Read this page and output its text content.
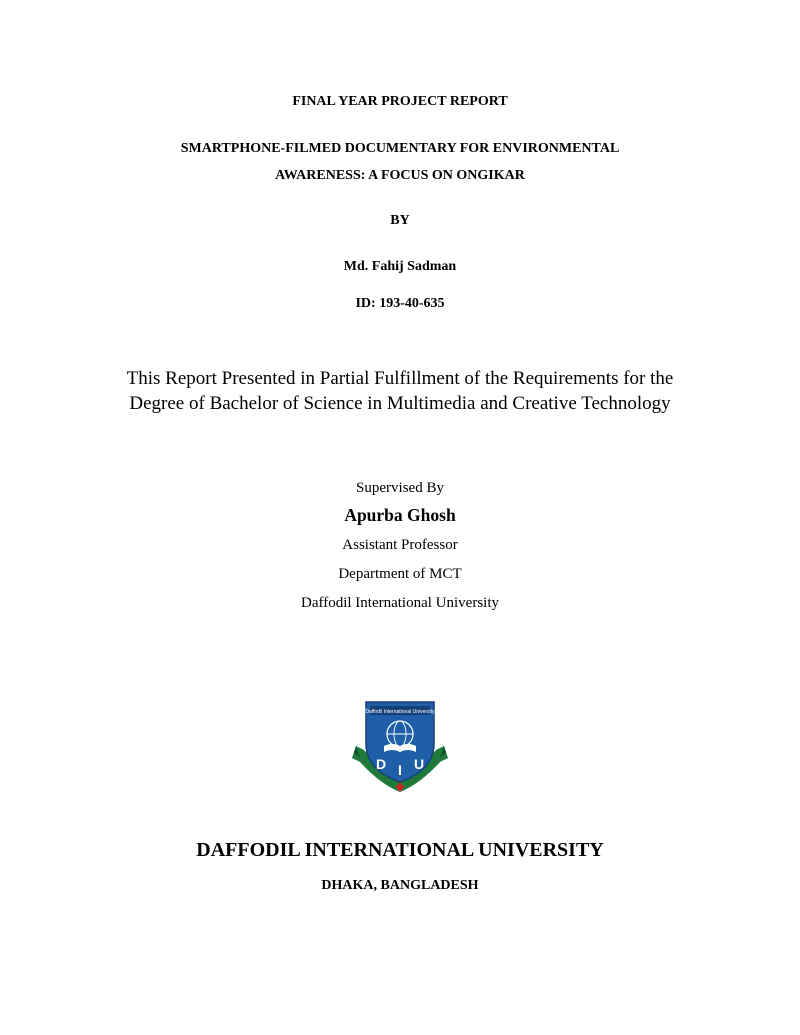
FINAL YEAR PROJECT REPORT
SMARTPHONE-FILMED DOCUMENTARY FOR ENVIRONMENTAL
AWARENESS: A FOCUS ON ONGIKAR
BY
Md. Fahij Sadman
ID: 193-40-635
This Report Presented in Partial Fulfillment of the Requirements for the
Degree of Bachelor of Science in Multimedia and Creative Technology
Supervised By
Apurba Ghosh
Assistant Professor
Department of MCT
Daffodil International University
Daffodil International University
D I U
DAFFODIL INTERNATIONAL UNIVERSITY
DHAKA, BANGLADESH
